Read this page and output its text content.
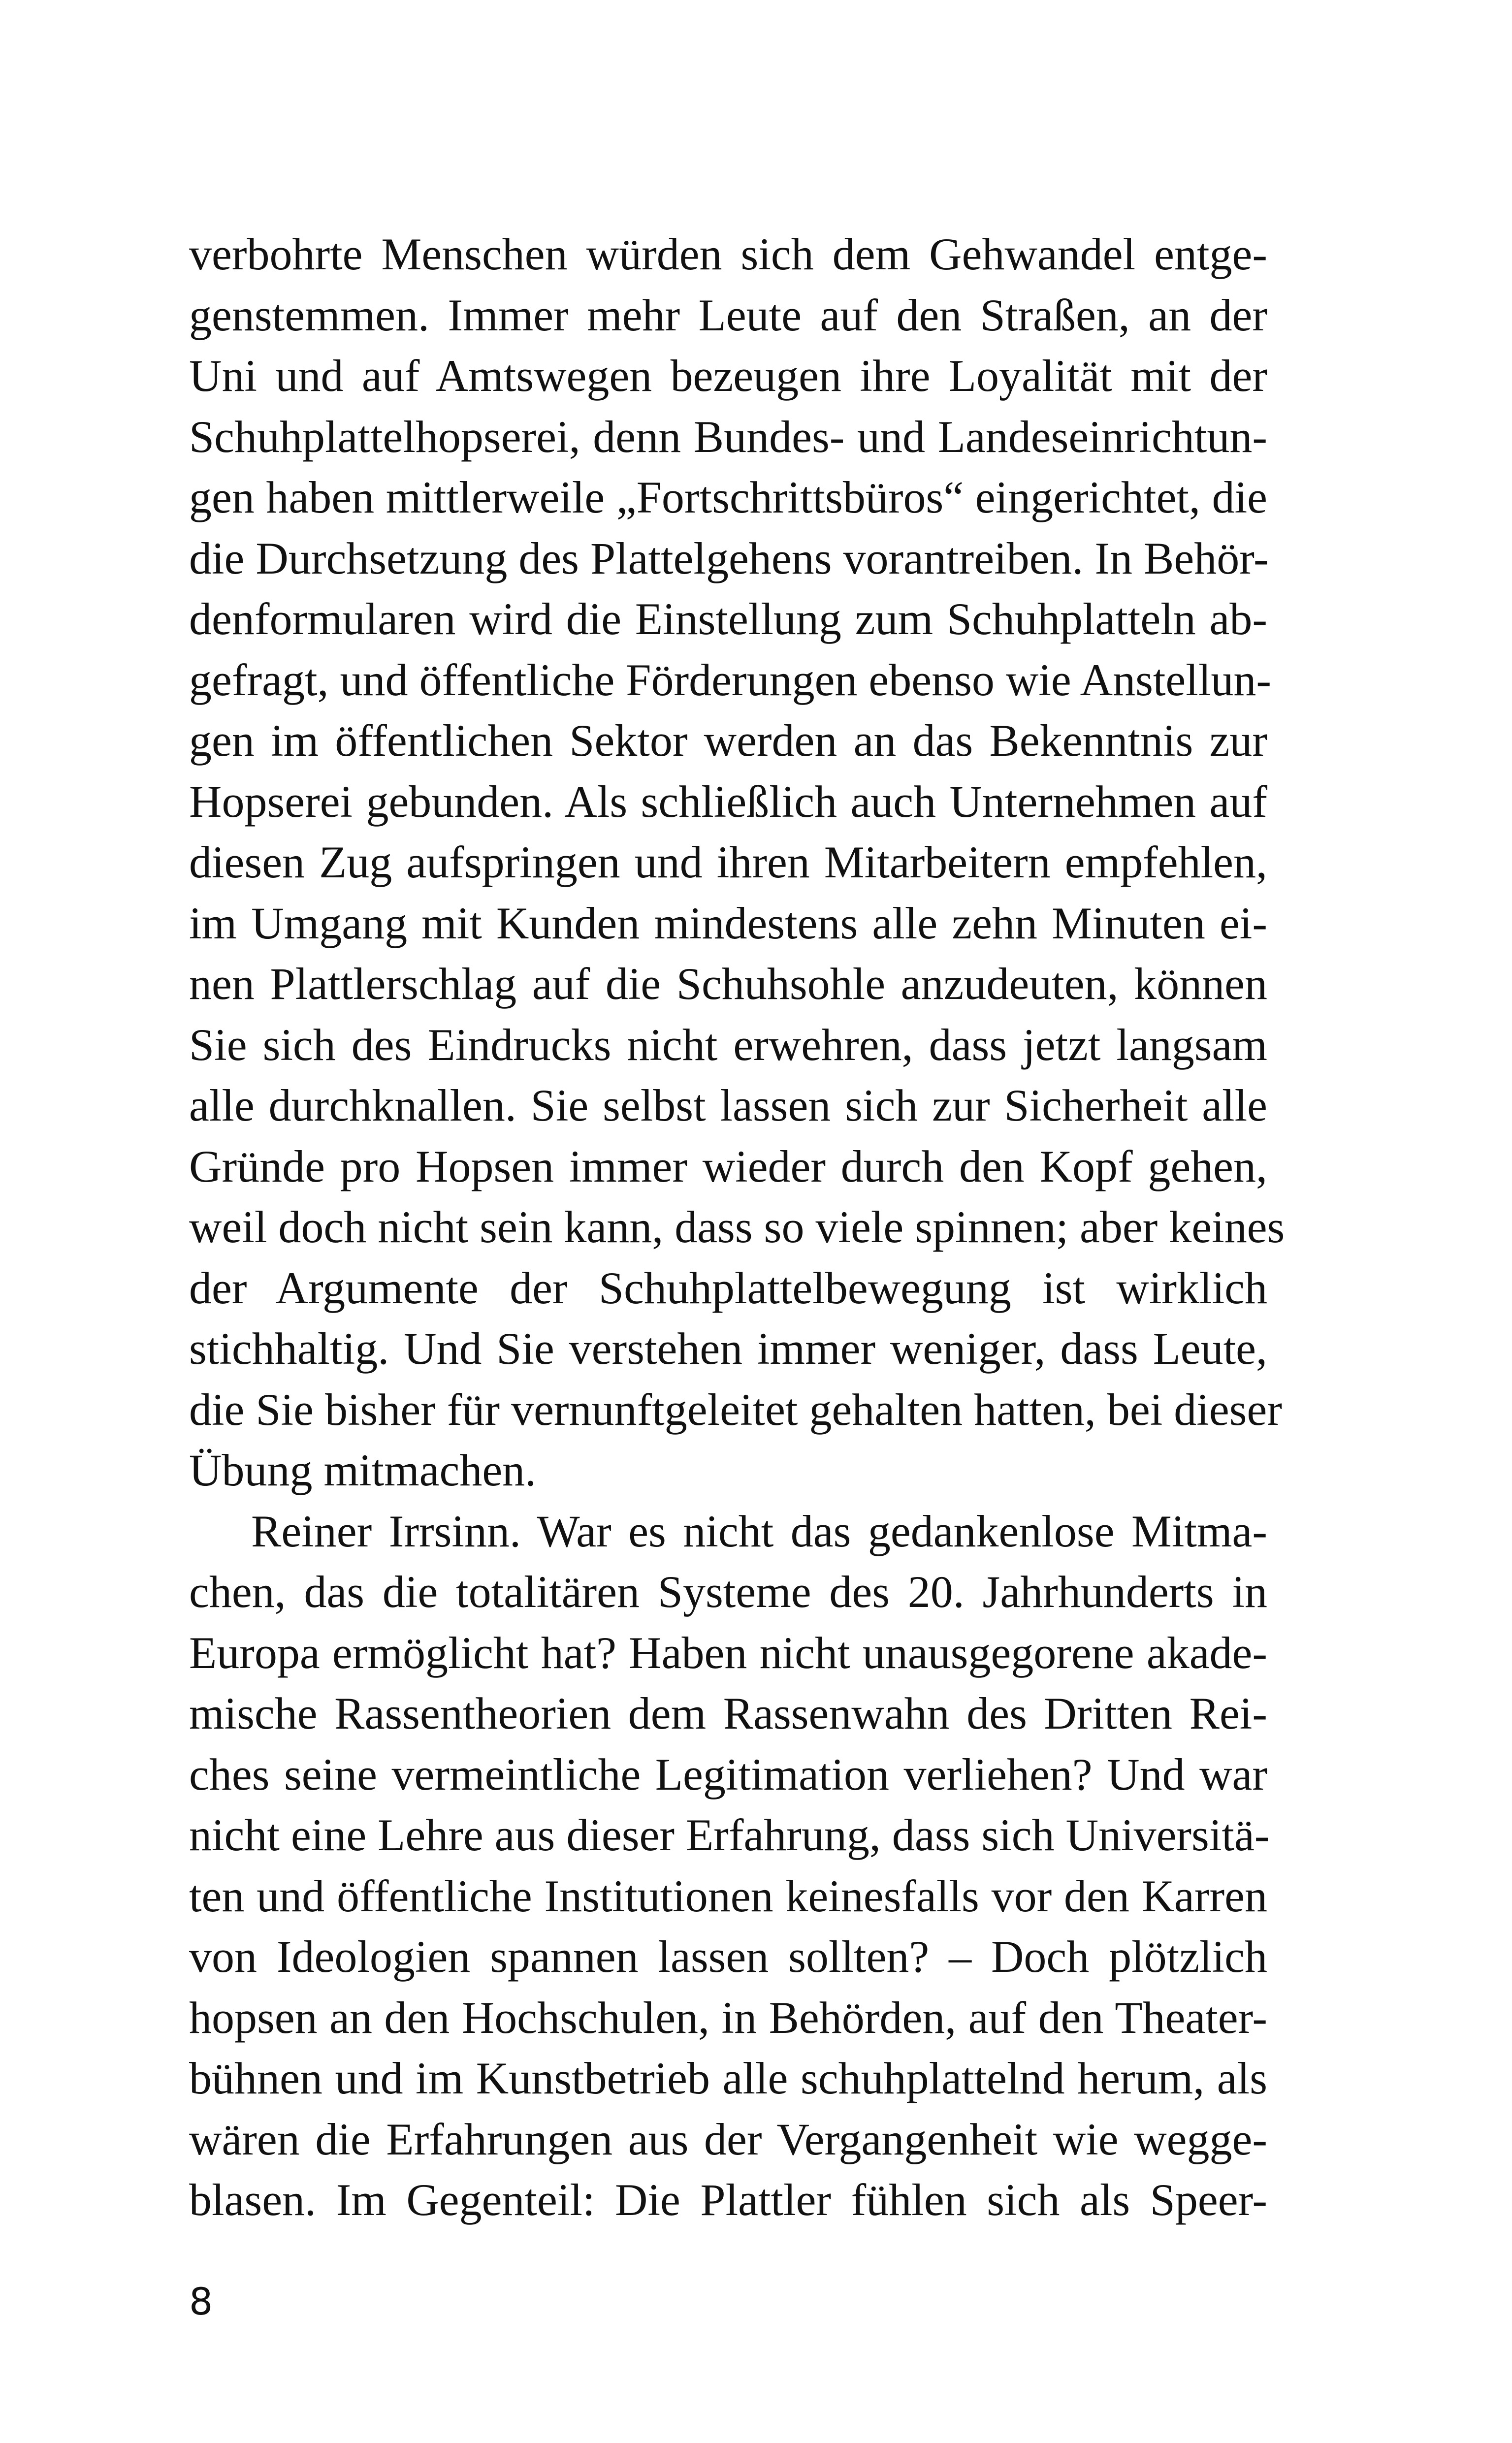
verbohrte Menschen würden sich dem Gehwandel entge-
genstemmen. Immer mehr Leute auf den Straßen, an der
Uni und auf Amtswegen bezeugen ihre Loyalität mit der
Schuhplattelhopserei, denn Bundes- und Landeseinrichtun-
gen haben mittlerweile „Fortschrittsbüros“ eingerichtet, die
die Durchsetzung des Plattelgehens vorantreiben. In Behör-
denformularen wird die Einstellung zum Schuhplatteln ab-
gefragt, und öffentliche Förderungen ebenso wie Anstellun-
gen im öffentlichen Sektor werden an das Bekenntnis zur
Hopserei gebunden. Als schließlich auch Unternehmen auf
diesen Zug aufspringen und ihren Mitarbeitern empfehlen,
im Umgang mit Kunden mindestens alle zehn Minuten ei-
nen Plattlerschlag auf die Schuhsohle anzudeuten, können
Sie sich des Eindrucks nicht erwehren, dass jetzt langsam
alle durchknallen. Sie selbst lassen sich zur Sicherheit alle
Gründe pro Hopsen immer wieder durch den Kopf gehen,
weil doch nicht sein kann, dass so viele spinnen; aber keines
der Argumente der Schuhplattelbewegung ist wirklich
stichhaltig. Und Sie verstehen immer weniger, dass Leute,
die Sie bisher für vernunftgeleitet gehalten hatten, bei dieser
Übung mitmachen.
Reiner Irrsinn. War es nicht das gedankenlose Mitma-
chen, das die totalitären Systeme des 20. Jahrhunderts in
Europa ermöglicht hat? Haben nicht unausgegorene akade-
mische Rassentheorien dem Rassenwahn des Dritten Rei-
ches seine vermeintliche Legitimation verliehen? Und war
nicht eine Lehre aus dieser Erfahrung, dass sich Universitä-
ten und öffentliche Institutionen keinesfalls vor den Karren
von Ideologien spannen lassen sollten? – Doch plötzlich
hopsen an den Hochschulen, in Behörden, auf den Theater-
bühnen und im Kunstbetrieb alle schuhplattelnd herum, als
wären die Erfahrungen aus der Vergangenheit wie wegge-
blasen. Im Gegenteil: Die Plattler fühlen sich als Speer-
8
